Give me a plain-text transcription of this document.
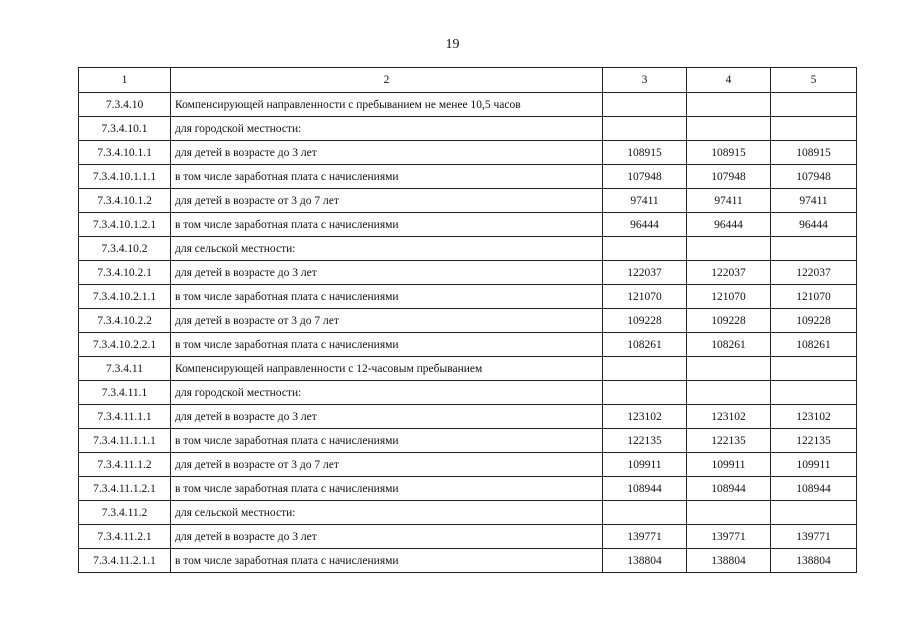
19
1	2	3	4	5
7.3.4.10	Компенсирующей направленности с пребыванием не менее 10,5 часов			
7.3.4.10.1	для городской местности:			
7.3.4.10.1.1	для детей в возрасте до 3 лет	108915	108915	108915
7.3.4.10.1.1.1	в том числе заработная плата с начислениями	107948	107948	107948
7.3.4.10.1.2	для детей в возрасте от 3 до 7 лет	97411	97411	97411
7.3.4.10.1.2.1	в том числе заработная плата с начислениями	96444	96444	96444
7.3.4.10.2	для сельской местности:			
7.3.4.10.2.1	для детей в возрасте до 3 лет	122037	122037	122037
7.3.4.10.2.1.1	в том числе заработная плата с начислениями	121070	121070	121070
7.3.4.10.2.2	для детей в возрасте от 3 до 7 лет	109228	109228	109228
7.3.4.10.2.2.1	в том числе заработная плата с начислениями	108261	108261	108261
7.3.4.11	Компенсирующей направленности с 12-часовым пребыванием			
7.3.4.11.1	для городской местности:			
7.3.4.11.1.1	для детей в возрасте до 3 лет	123102	123102	123102
7.3.4.11.1.1.1	в том числе заработная плата с начислениями	122135	122135	122135
7.3.4.11.1.2	для детей в возрасте от 3 до 7 лет	109911	109911	109911
7.3.4.11.1.2.1	в том числе заработная плата с начислениями	108944	108944	108944
7.3.4.11.2	для сельской местности:			
7.3.4.11.2.1	для детей в возрасте до 3 лет	139771	139771	139771
7.3.4.11.2.1.1	в том числе заработная плата с начислениями	138804	138804	138804
